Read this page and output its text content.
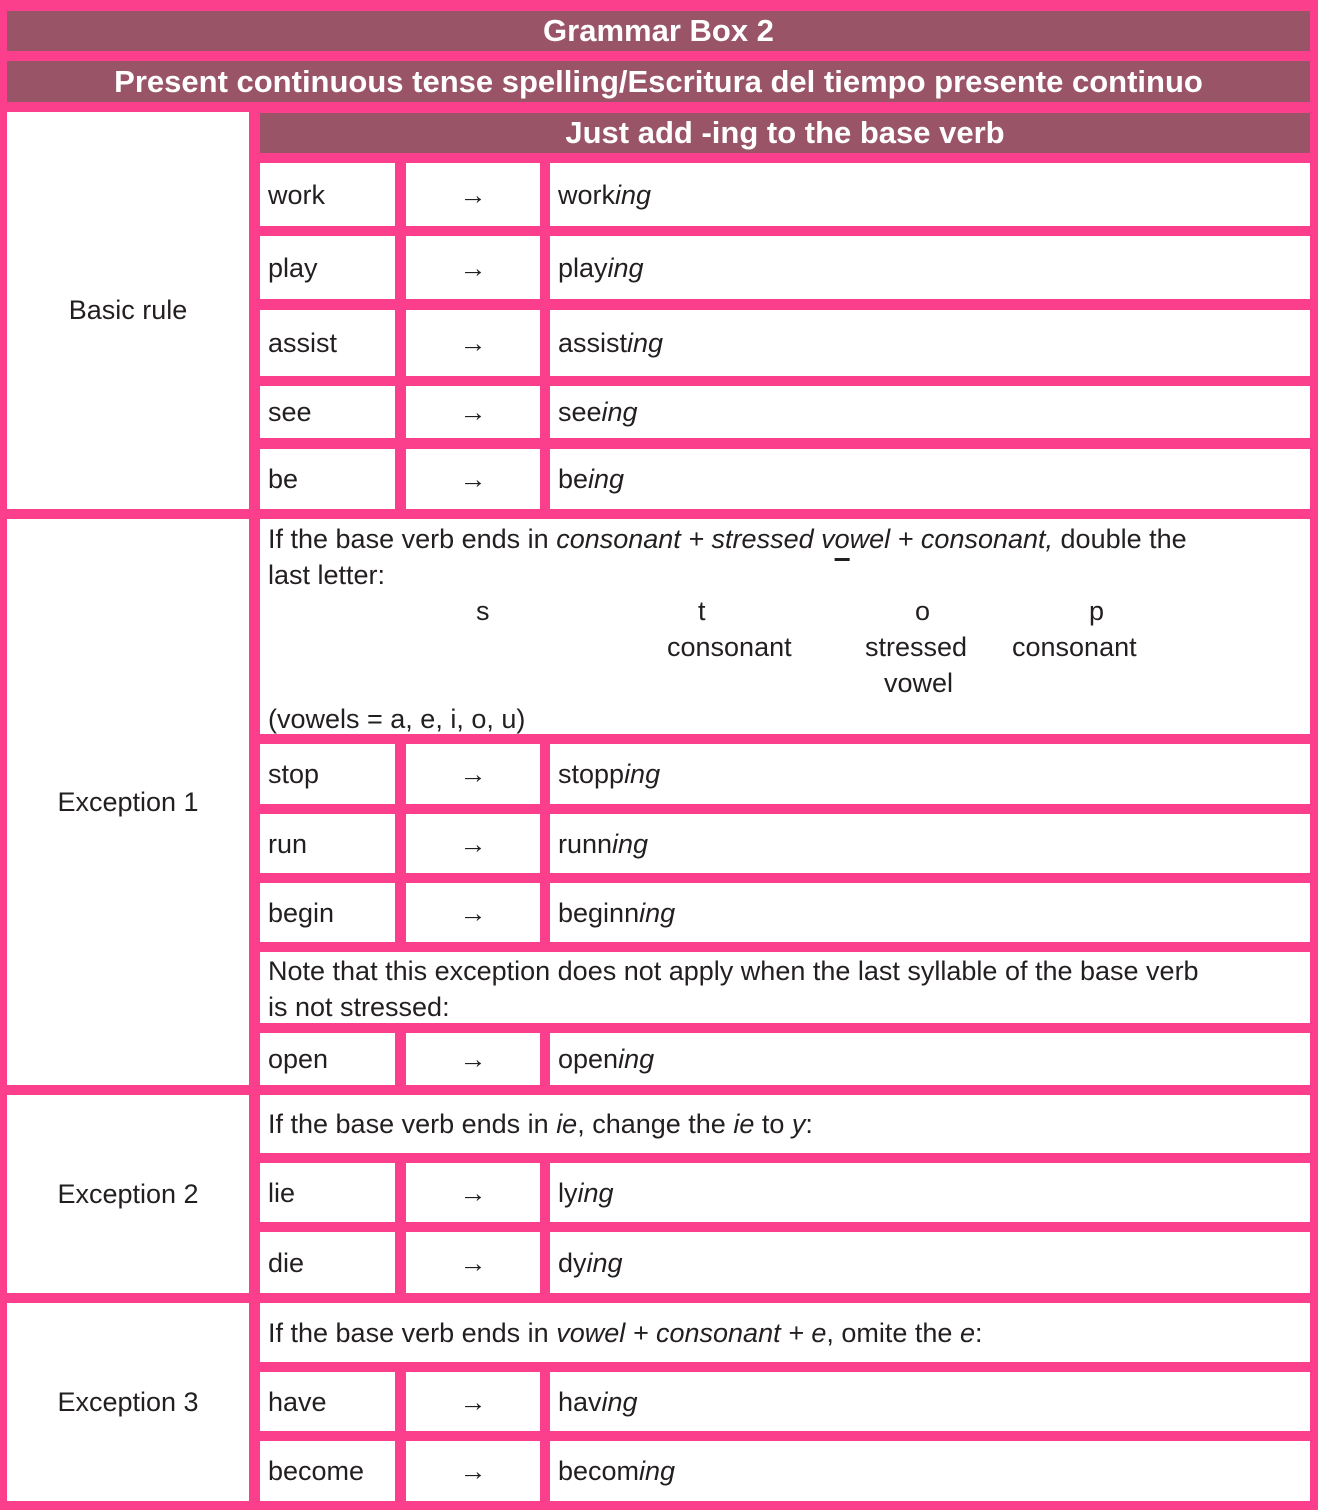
Grammar Box 2
Present continuous tense spelling/Escritura del tiempo presente continuo
Basic rule
Exception 1
Exception 2
Exception 3
Just add -ing to the base verb
work	→	working
play	→	playing
assist	→	assisting
see	→	seeing
be	→	being
If the base verb ends in consonant + stressed vowel + consonant, double the
last letter:
s	t	o	p
consonant	stressed
vowel
consonant
(vowels = a, e, i, o, u)
stop	→	stopping
run	→	running
begin	→	beginning
Note that this exception does not apply when the last syllable of the base verb
is not stressed:
open	→	opening
If the base verb ends in ie, change the ie to y:
lie	→	lying
die	→	dying
If the base verb ends in vowel + consonant + e, omite the e:
have	→	having
become	→	becoming
